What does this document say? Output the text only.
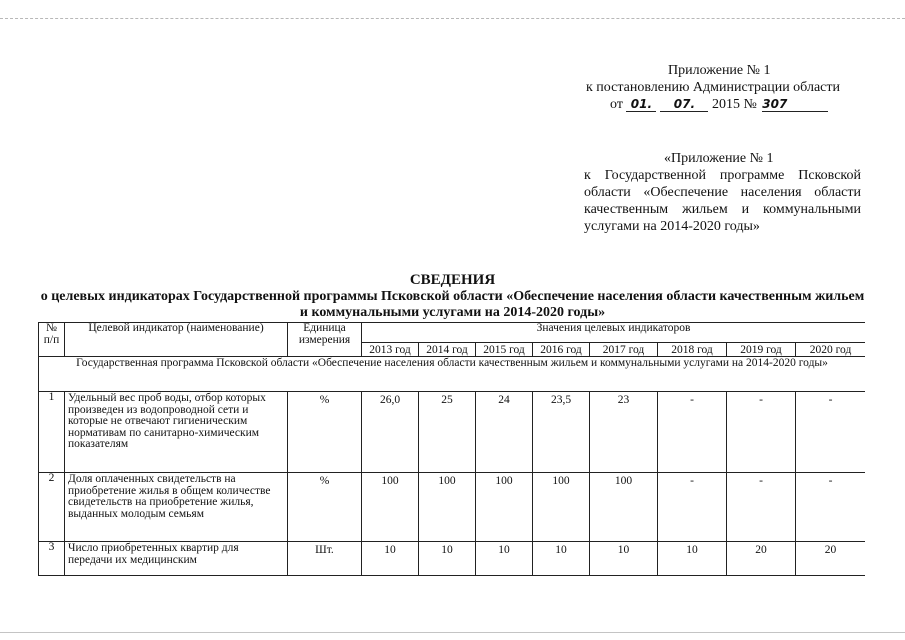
Приложение № 1
к постановлению Администрации области
от 01. 07. 2015 № 307
«Приложение № 1
к Государственной программе Псковской области «Обеспечение населения области качественным жильем и коммунальными услугами на 2014-2020 годы»
СВЕДЕНИЯ
о целевых индикаторах Государственной программы Псковской области «Обеспечение населения области качественным жильем и коммунальными услугами на 2014-2020 годы»
№ п/п	Целевой индикатор (наименование)	Единица измерения	Значения целевых индикаторов							
			2013 год	2014 год	2015 год	2016 год	2017 год	2018 год	2019 год	2020 год
Государственная программа Псковской области «Обеспечение населения области качественным жильем и коммунальными услугами на 2014-2020 годы»										
1	Удельный вес проб воды, отбор которых произведен из водопроводной сети и которые не отвечают гигиеническим нормативам по санитарно-химическим показателям	%	26,0	25	24	23,5	23	-	-	-
2	Доля оплаченных свидетельств на приобретение жилья в общем количестве свидетельств на приобретение жилья, выданных молодым семьям	%	100	100	100	100	100	-	-	-
3	Число приобретенных квартир для передачи их медицинским	Шт.	10	10	10	10	10	10	20	20
